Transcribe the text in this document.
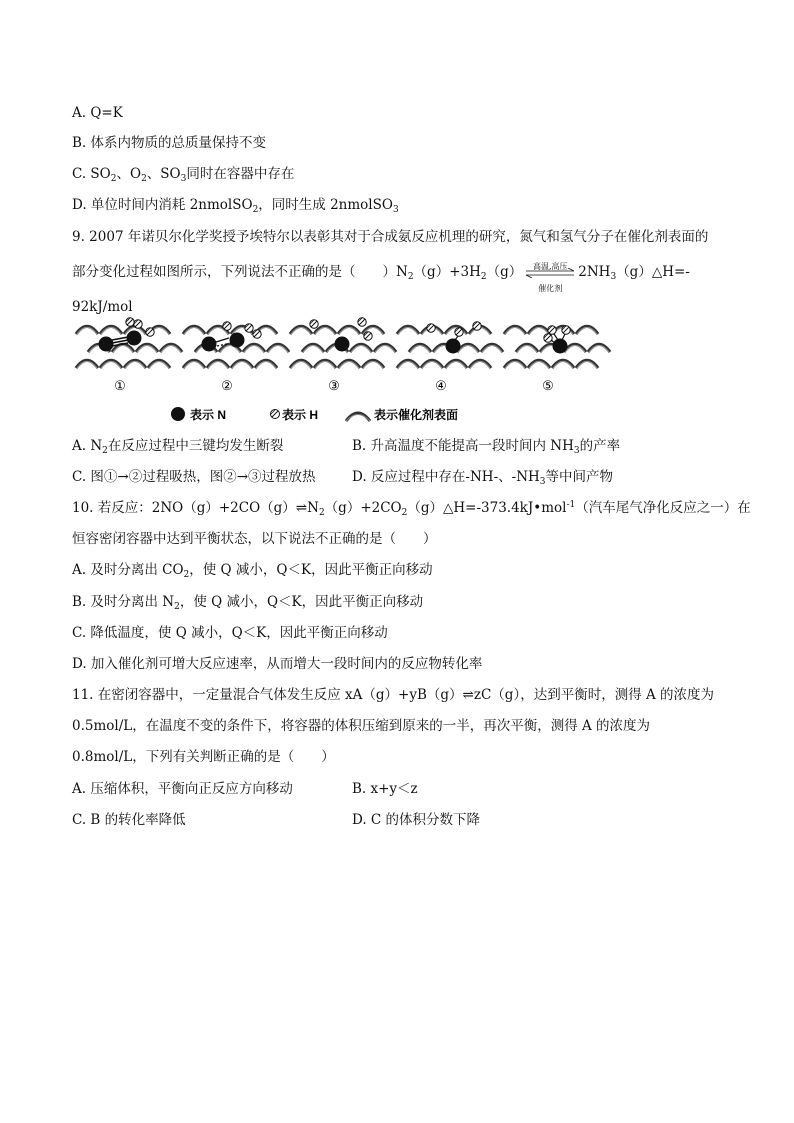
A. Q=K
B. 体系内物质的总质量保持不变
C. $SO_2$、$O_2$、$SO_3$同时在容器中存在
D. 单位时间内消耗 2nmolSO$_2$，同时生成 2nmolSO$_3$
9. 2007 年诺贝尔化学奖授予埃特尔以表彰其对于合成氨反应机理的研究，氮气和氢气分子在催化剂表面的
部分变化过程如图所示，下列说法不正确的是（　　）$N_2(g)+3H_2(g)$	高温,高压
催化剂
$2NH_3(g)\triangle H=-$
92kJ/mol
①	②	③	④	⑤
表示 N	表示 H	表示催化剂表面
A. $N_2$在反应过程中三键均发生断裂	B. 升高温度不能提高一段时间内 $NH_3$的产率
C. 图①→②过程吸热，图②→③过程放热	D. 反应过程中存在-NH-、$-NH_3$等中间产物
10. 若反应：$2NO(g)+2CO(g)\rightleftharpoons N_2(g)+2CO_2(g)\triangle H=-373.4kJ•mol^{-1}$（汽车尾气净化反应之一）在
恒容密闭容器中达到平衡状态，以下说法不正确的是（　　）
A. 及时分离出 $CO_2$，使 Q 减小，Q＜K，因此平衡正向移动
B. 及时分离出 $N_2$，使 Q 减小，Q＜K，因此平衡正向移动
C. 降低温度，使 Q 减小，Q＜K，因此平衡正向移动
D. 加入催化剂可增大反应速率，从而增大一段时间内的反应物转化率
11. 在密闭容器中，一定量混合气体发生反应 xA（g）+yB（g）⇌zC（g），达到平衡时，测得 A 的浓度为
0.5mol/L，在温度不变的条件下，将容器的体积压缩到原来的一半，再次平衡，测得 A 的浓度为
0.8mol/L，下列有关判断正确的是（　　）
A. 压缩体积，平衡向正反应方向移动	B. x+y＜z
C. B 的转化率降低	D. C 的体积分数下降
